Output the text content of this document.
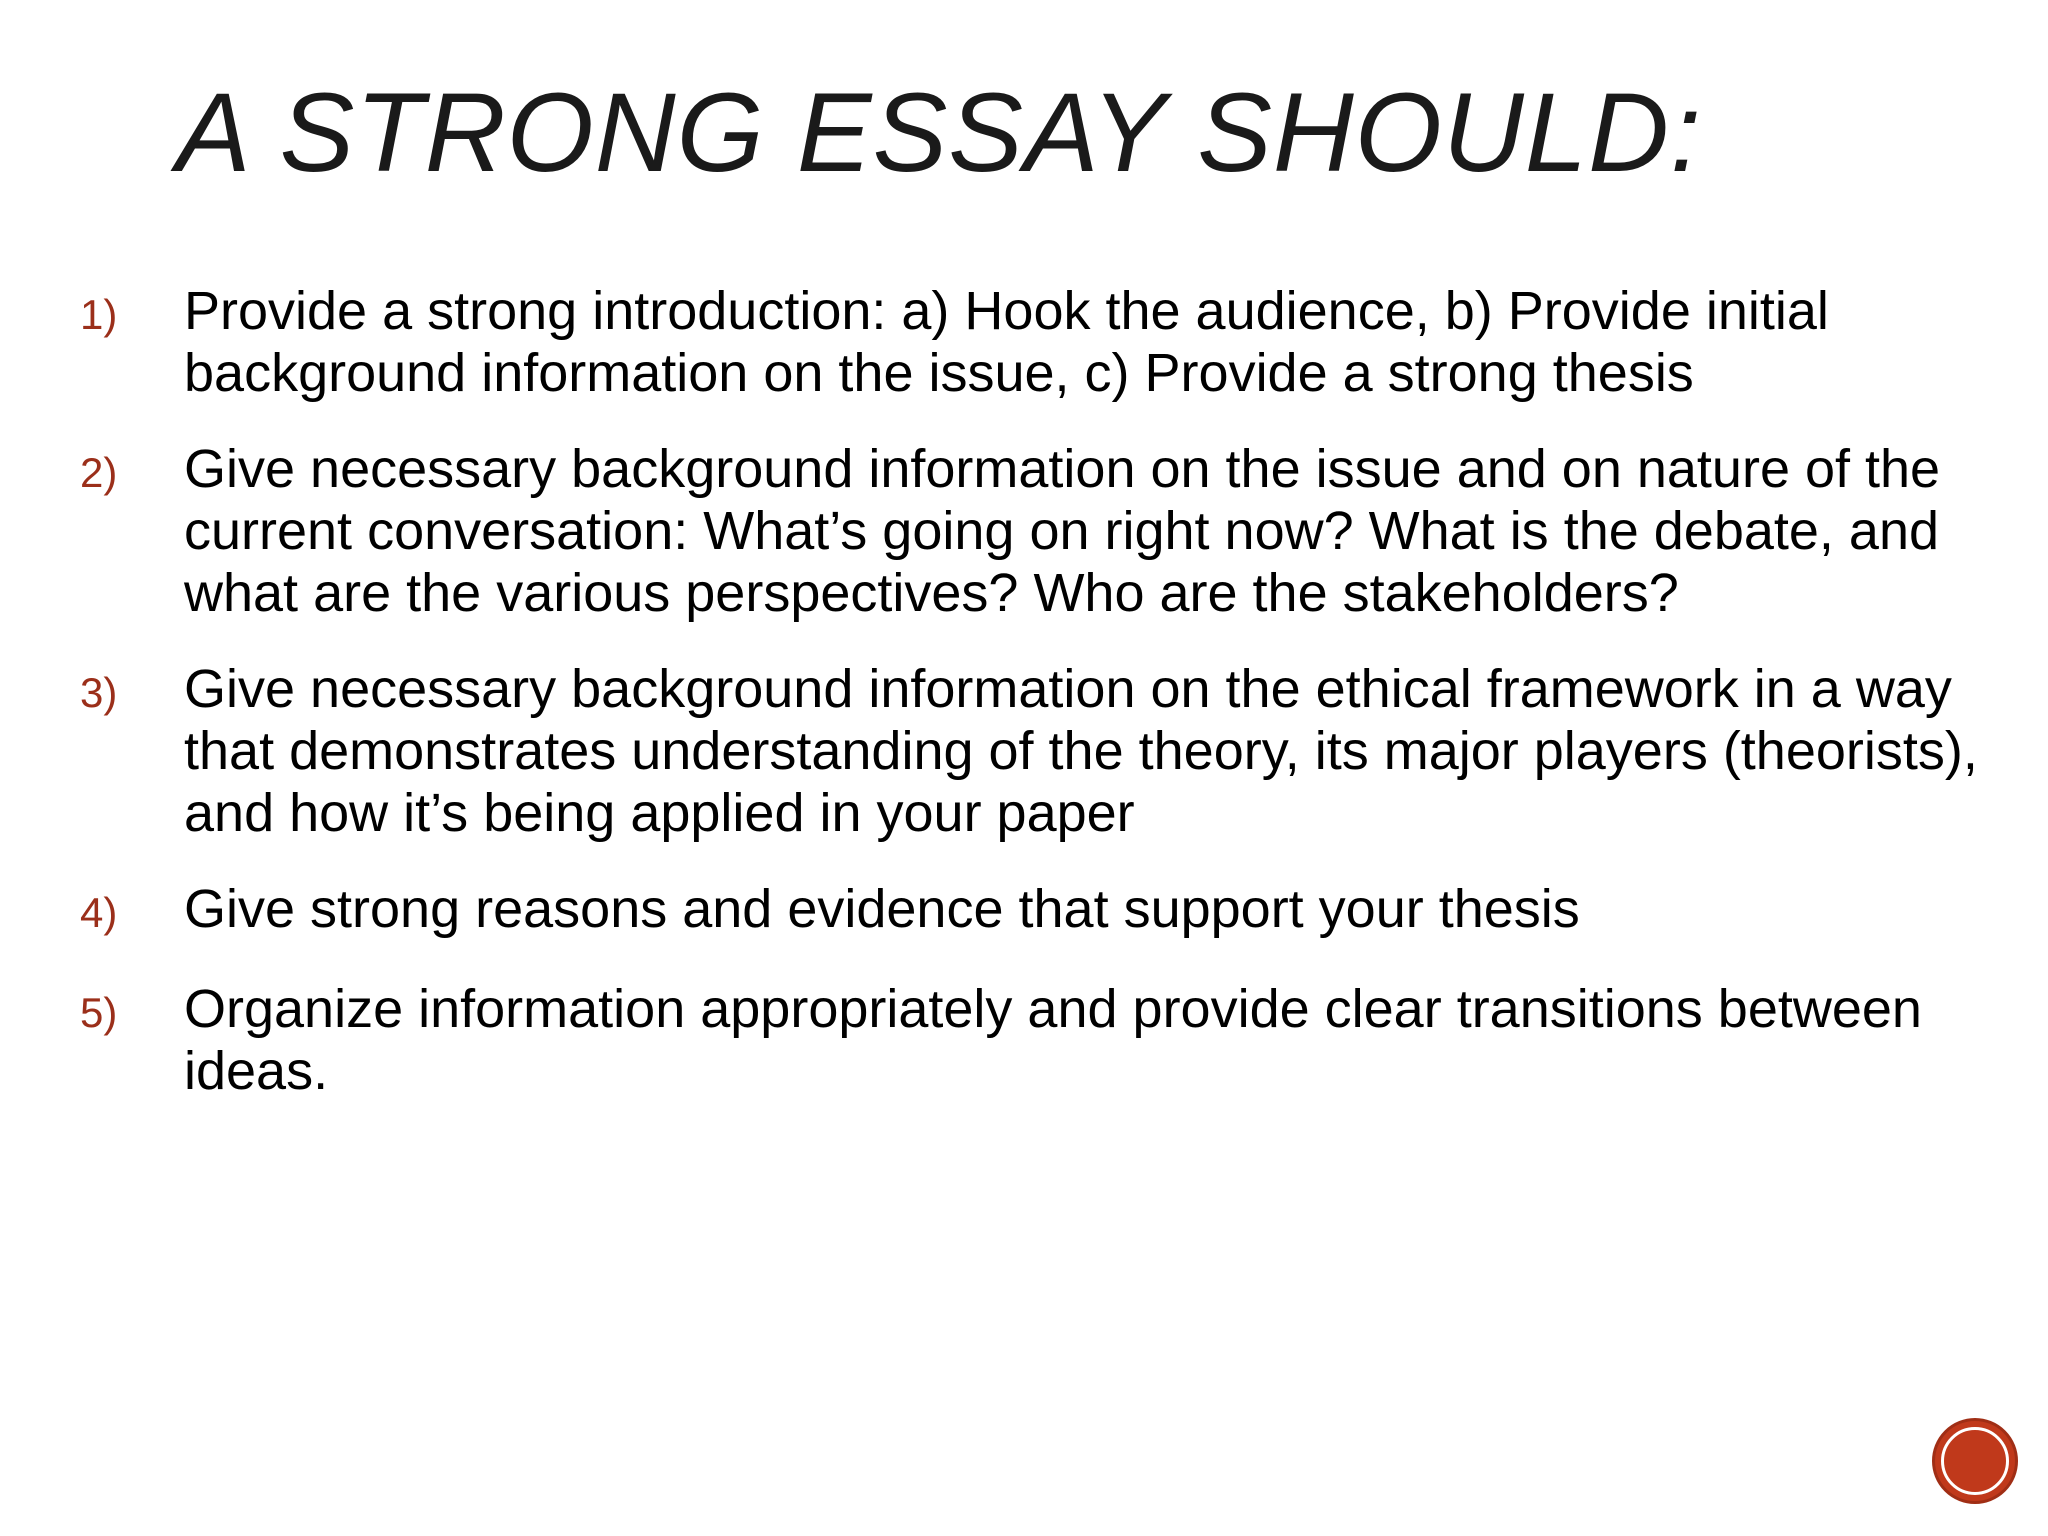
A STRONG ESSAY SHOULD:
1)	Provide a strong introduction: a) Hook the audience, b) Provide initial background information on the issue, c) Provide a strong thesis
2)	Give necessary background information on the issue and on nature of the current conversation: What’s going on right now? What is the debate, and what are the various perspectives? Who are the stakeholders?
3)	Give necessary background information on the ethical framework in a way that demonstrates understanding of the theory, its major players (theorists), and how it’s being applied in your paper
4)	Give strong reasons and evidence that support your thesis
5)	Organize information appropriately and provide clear transitions between ideas.
